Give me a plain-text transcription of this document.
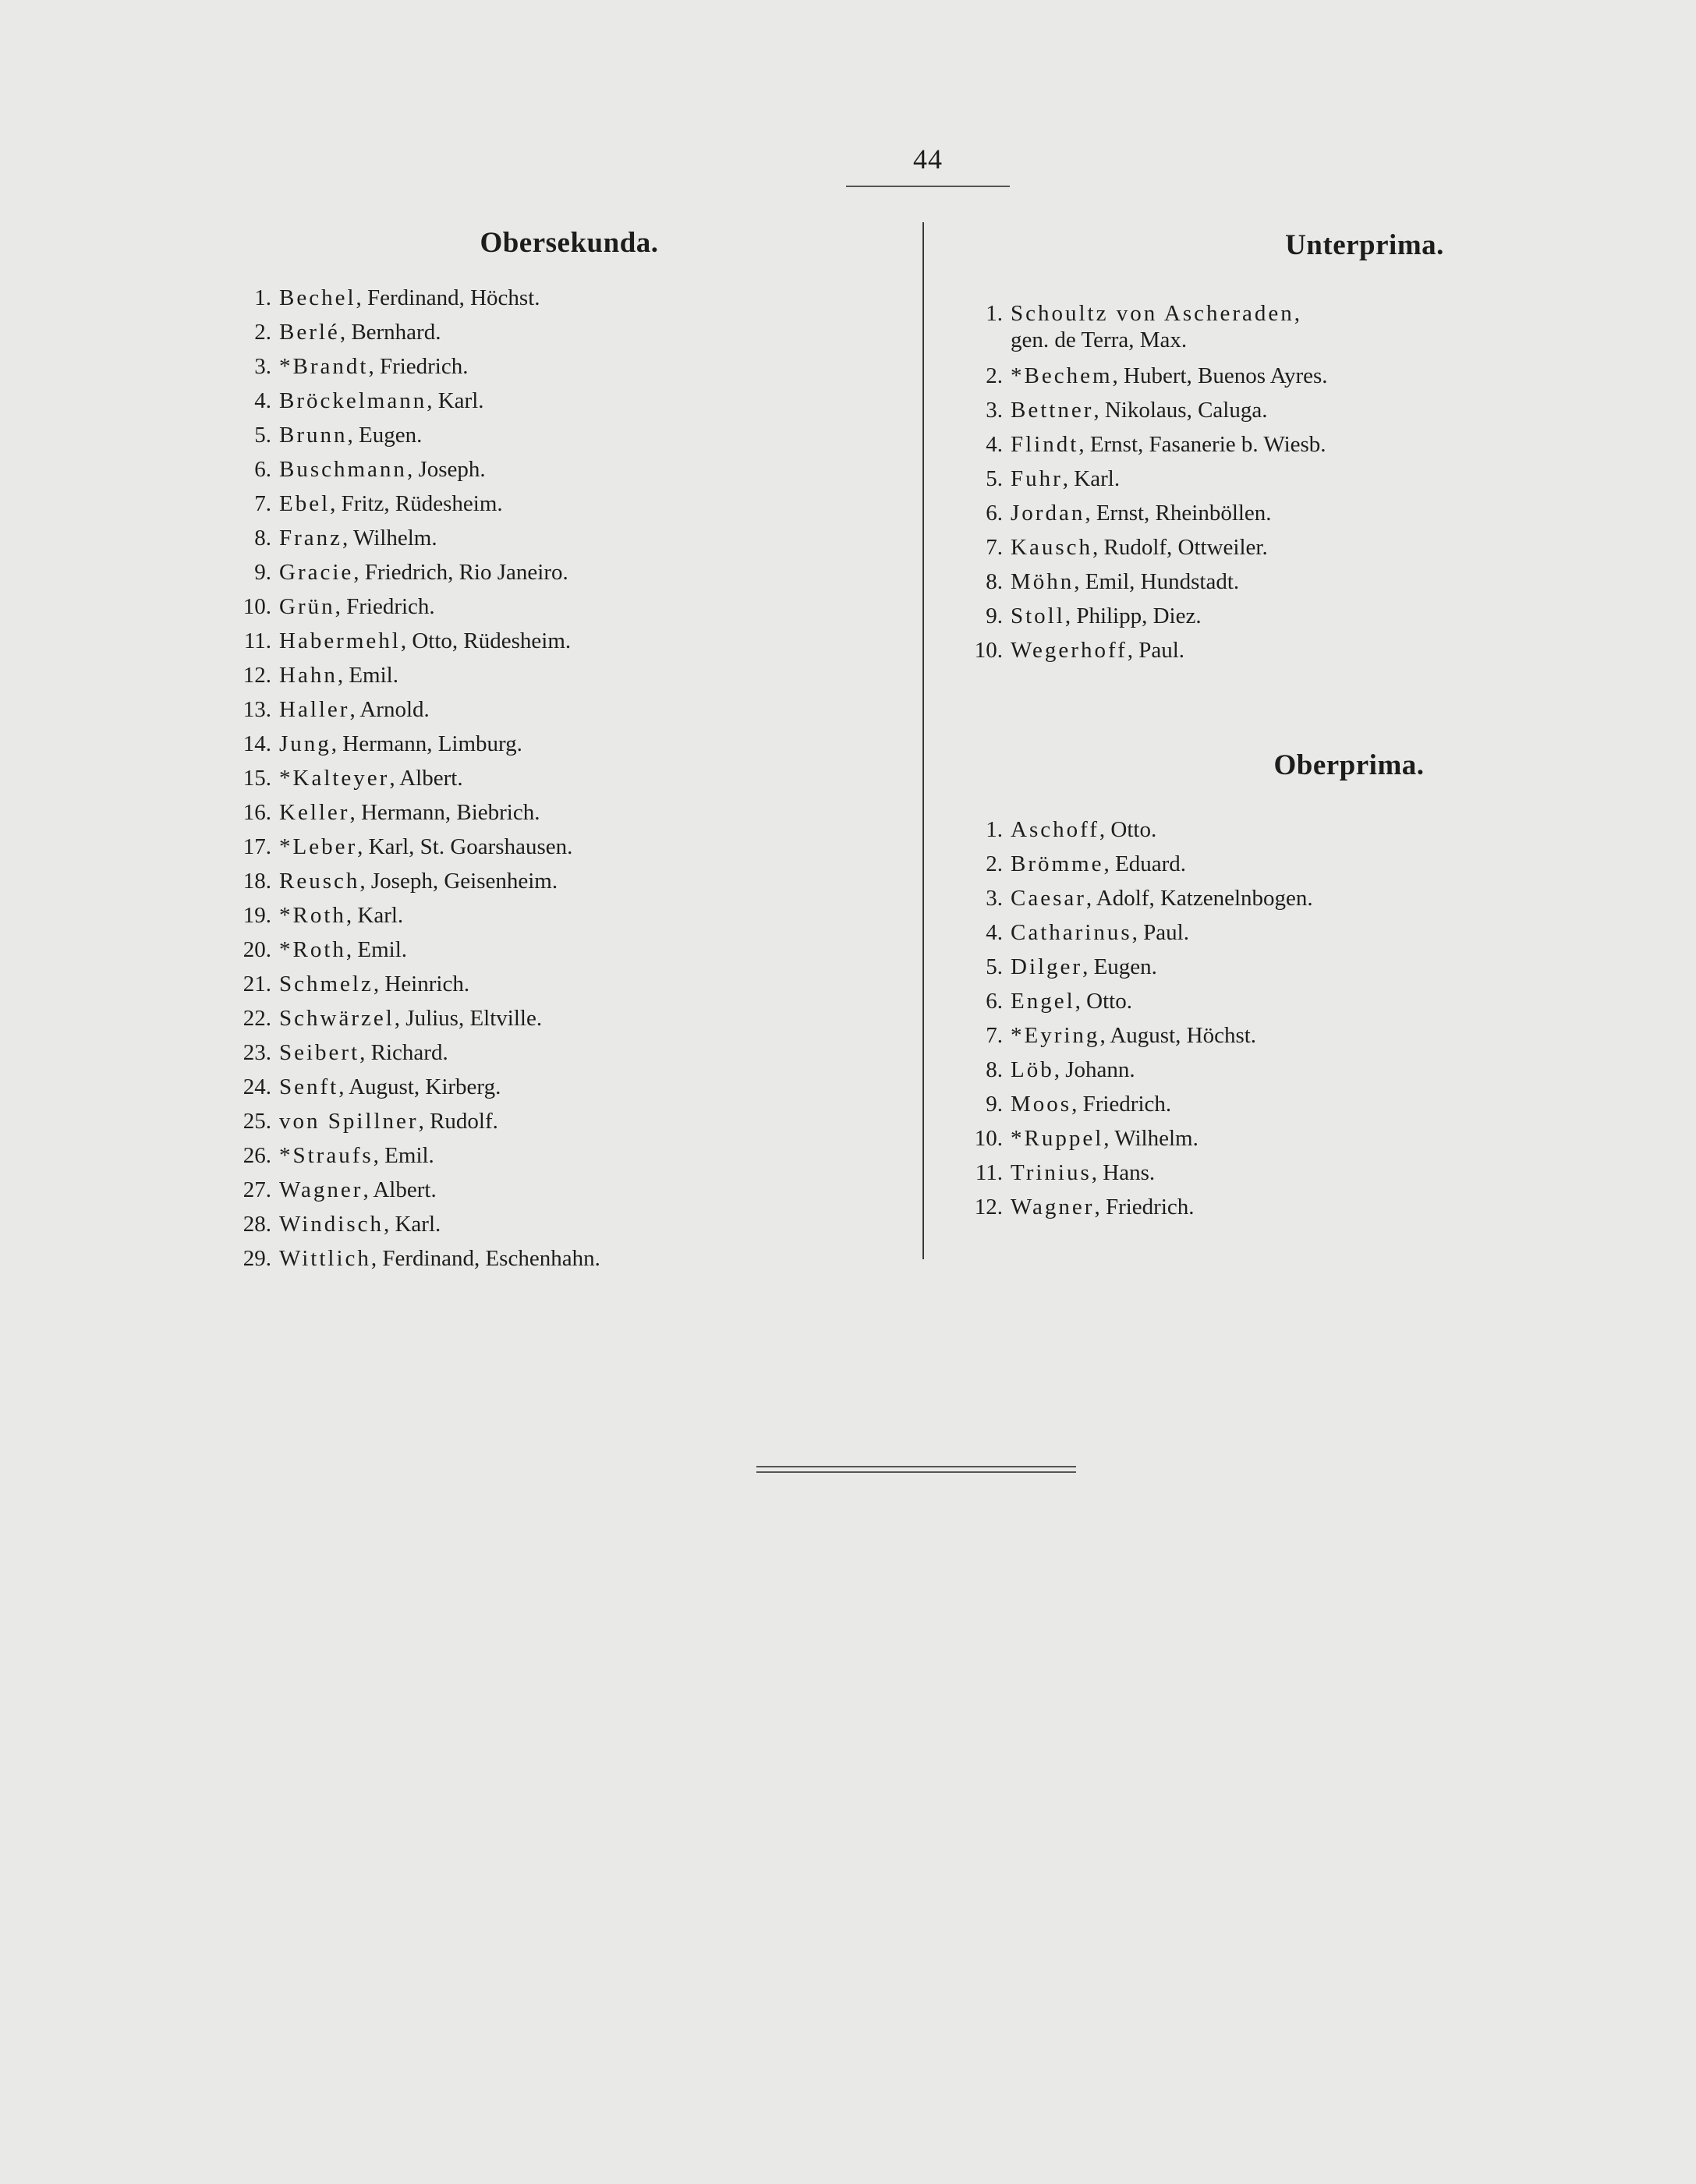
44
Obersekunda.
1. Bechel, Ferdinand, Höchst.
2. Berlé, Bernhard.
3. *Brandt, Friedrich.
4. Bröckelmann, Karl.
5. Brunn, Eugen.
6. Buschmann, Joseph.
7. Ebel, Fritz, Rüdesheim.
8. Franz, Wilhelm.
9. Gracie, Friedrich, Rio Janeiro.
10. Grün, Friedrich.
11. Habermehl, Otto, Rüdesheim.
12. Hahn, Emil.
13. Haller, Arnold.
14. Jung, Hermann, Limburg.
15. *Kalteyer, Albert.
16. Keller, Hermann, Biebrich.
17. *Leber, Karl, St. Goarshausen.
18. Reusch, Joseph, Geisenheim.
19. *Roth, Karl.
20. *Roth, Emil.
21. Schmelz, Heinrich.
22. Schwärzel, Julius, Eltville.
23. Seibert, Richard.
24. Senft, August, Kirberg.
25. von Spillner, Rudolf.
26. *Straufs, Emil.
27. Wagner, Albert.
28. Windisch, Karl.
29. Wittlich, Ferdinand, Eschenhahn.
Unterprima.
1. Schoultz von Ascheraden,
gen. de Terra, Max.
2. *Bechem, Hubert, Buenos Ayres.
3. Bettner, Nikolaus, Caluga.
4. Flindt, Ernst, Fasanerie b. Wiesb.
5. Fuhr, Karl.
6. Jordan, Ernst, Rheinböllen.
7. Kausch, Rudolf, Ottweiler.
8. Möhn, Emil, Hundstadt.
9. Stoll, Philipp, Diez.
10. Wegerhoff, Paul.
Oberprima.
1. Aschoff, Otto.
2. Brömme, Eduard.
3. Caesar, Adolf, Katzenelnbogen.
4. Catharinus, Paul.
5. Dilger, Eugen.
6. Engel, Otto.
7. *Eyring, August, Höchst.
8. Löb, Johann.
9. Moos, Friedrich.
10. *Ruppel, Wilhelm.
11. Trinius, Hans.
12. Wagner, Friedrich.
